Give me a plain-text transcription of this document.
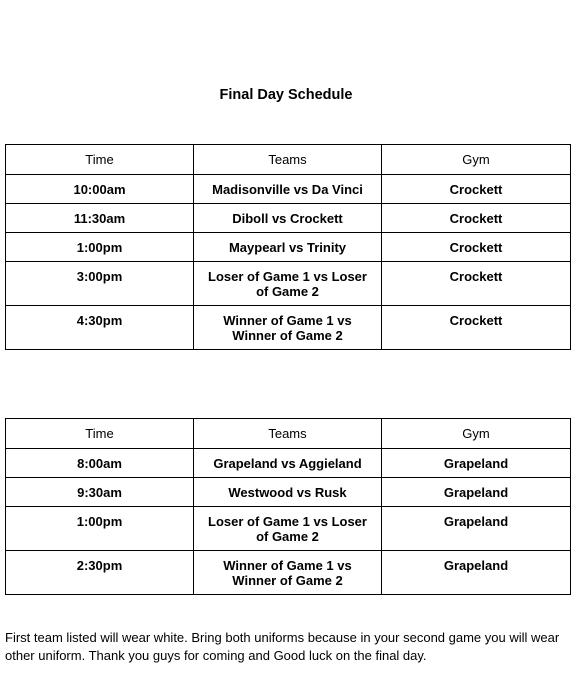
Final Day Schedule
Time	Teams	Gym
10:00am	Madisonville vs Da Vinci	Crockett
11:30am	Diboll vs Crockett	Crockett
1:00pm	Maypearl vs Trinity	Crockett
3:00pm	Loser of Game 1 vs Loser of Game 2	Crockett
4:30pm	Winner of Game 1 vs Winner of Game 2	Crockett
Time	Teams	Gym
8:00am	Grapeland vs Aggieland	Grapeland
9:30am	Westwood vs Rusk	Grapeland
1:00pm	Loser of Game 1 vs Loser of Game 2	Grapeland
2:30pm	Winner of Game 1 vs Winner of Game 2	Grapeland
First team listed will wear white. Bring both uniforms because in your second game you will wear other uniform. Thank you guys for coming and Good luck on the final day.
